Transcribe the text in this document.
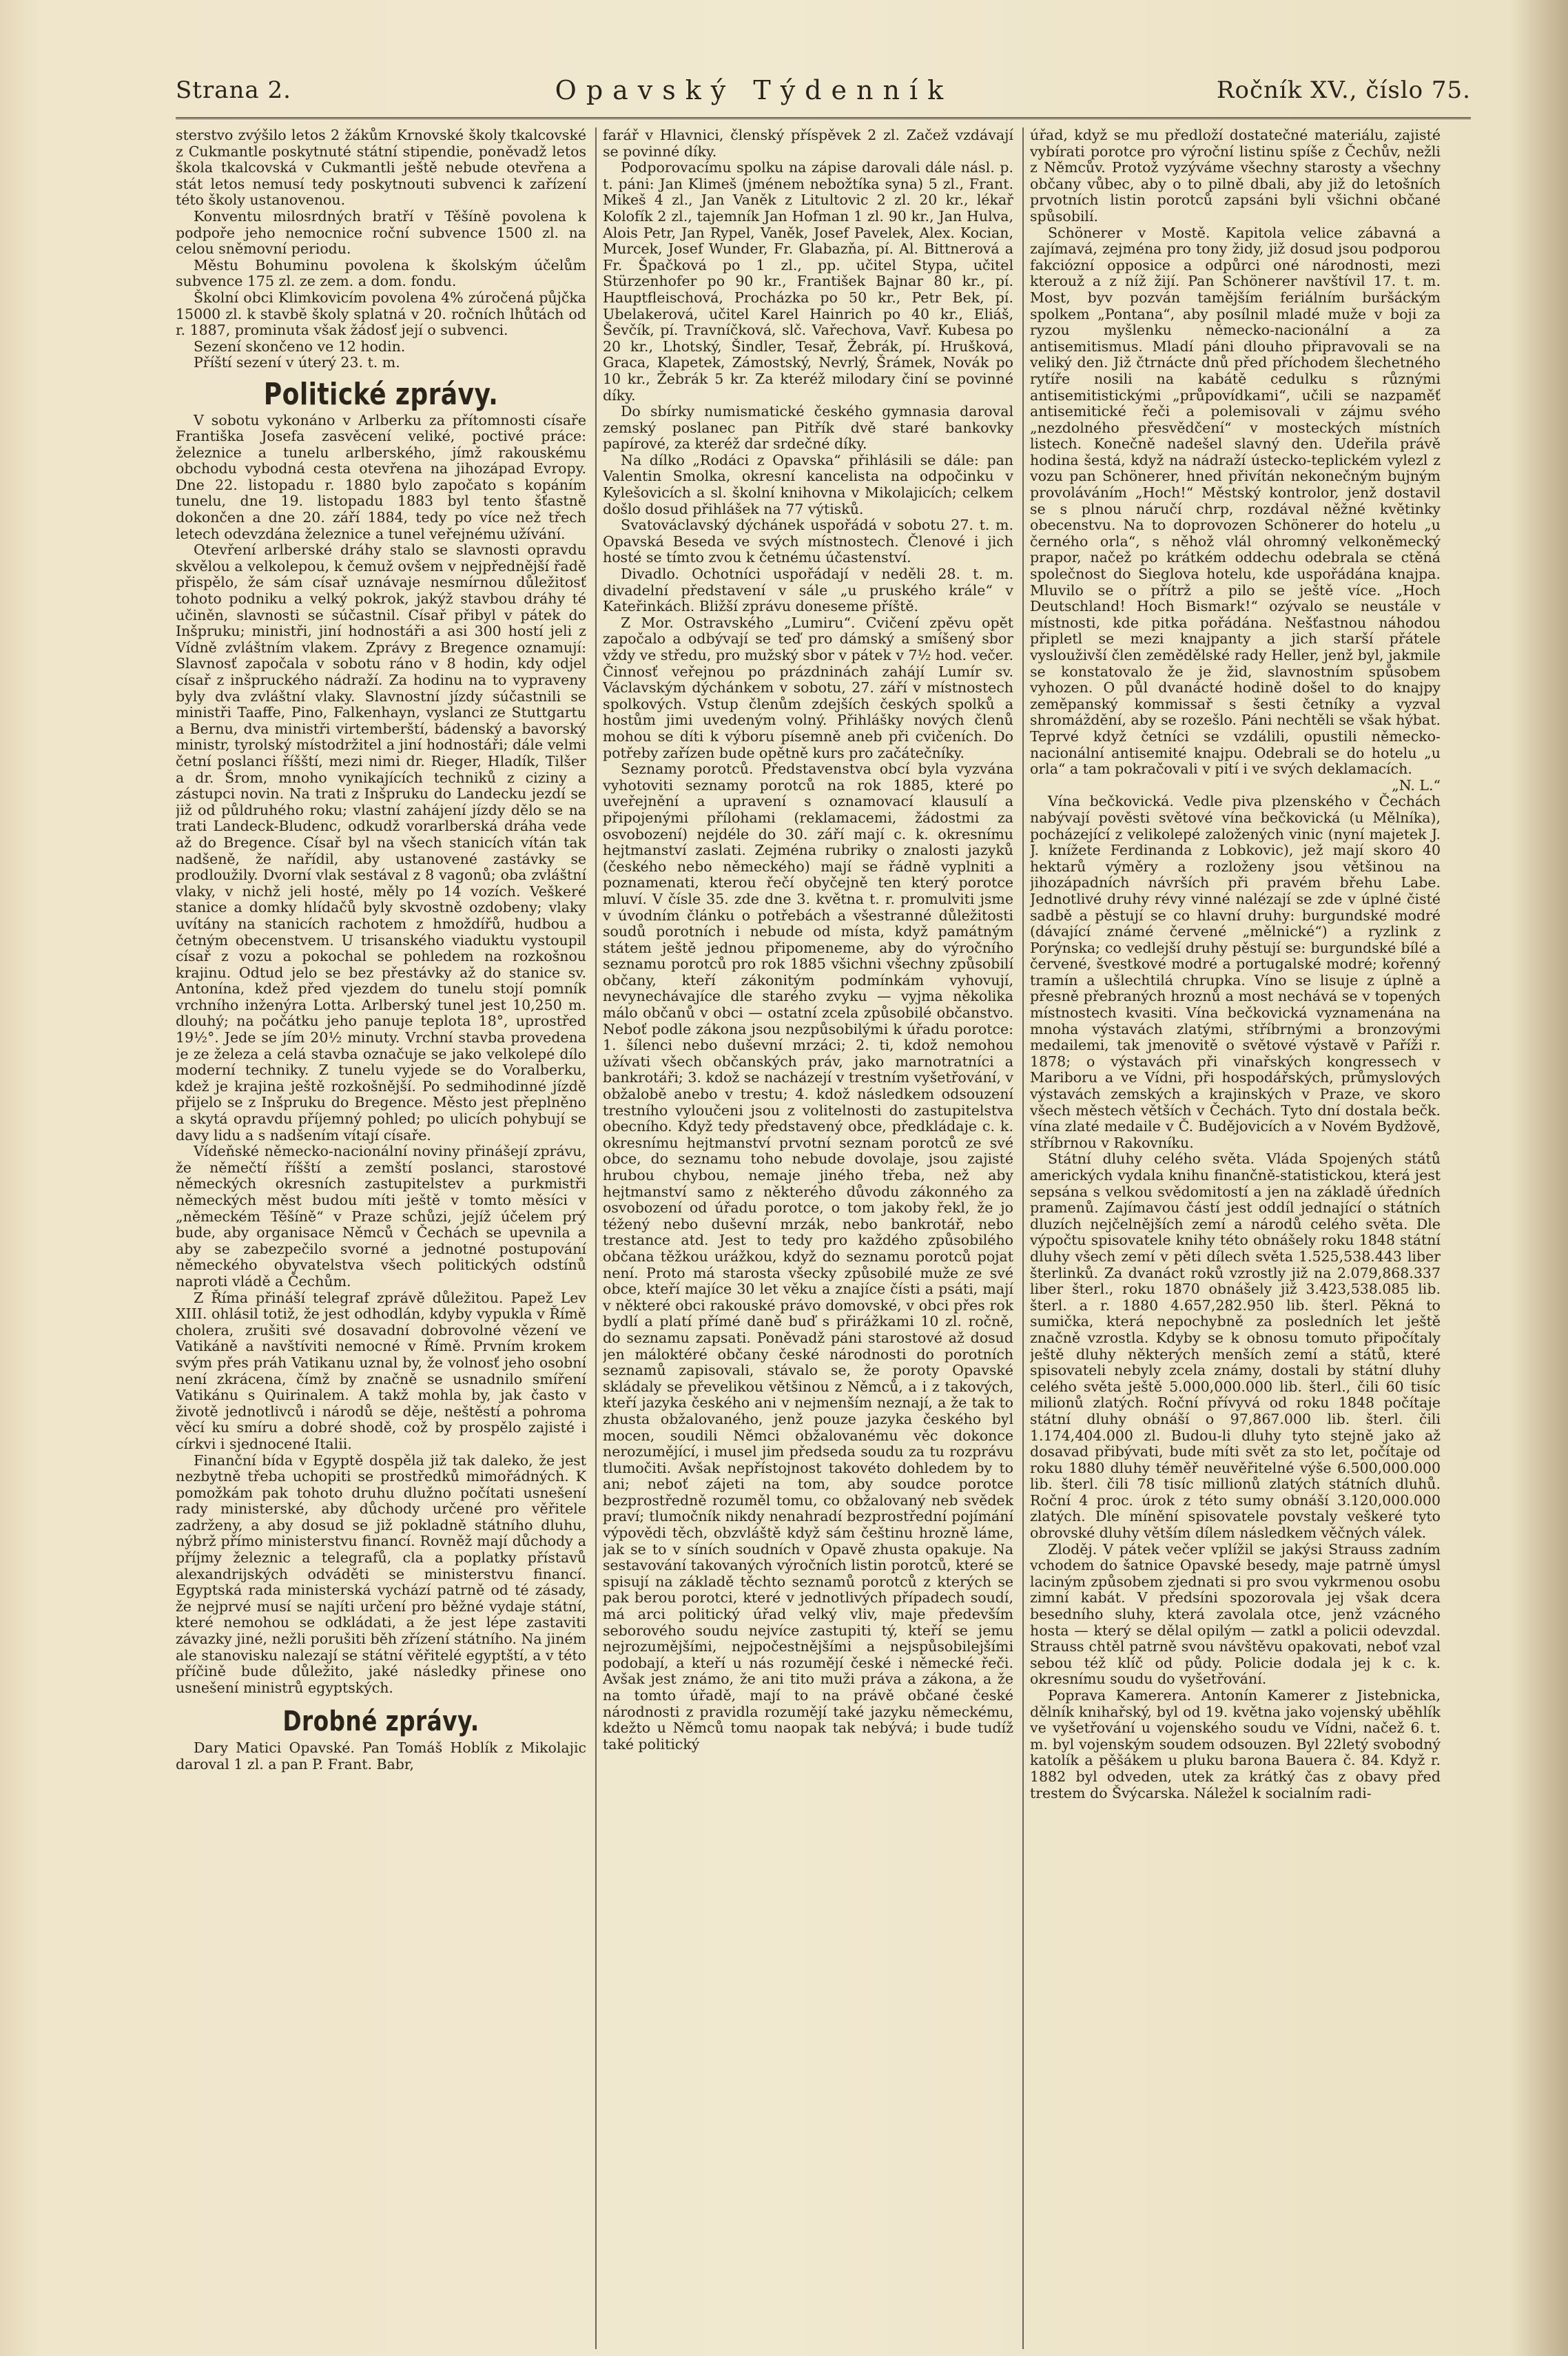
Strana 2.	Opavský Týdenník	Ročník XV., číslo 75.

sterstvo zvýšilo letos 2 žákům Krnovské školy tkalcovské z Cukmantle poskytnuté státní stipendie, poněvadž letos škola tkalcovská v Cukmantli ještě nebude otevřena a stát letos nemusí tedy poskytnouti subvenci k zařízení této školy ustanovenou.

Konventu milosrdných bratří v Těšíně povolena k podpoře jeho nemocnice roční subvence 1500 zl. na celou sněmovní periodu.

Městu Bohuminu povolena k školským účelům subvence 175 zl. ze zem. a dom. fondu.

Školní obci Klimkovicím povolena 4% zúročená půjčka 15000 zl. k stavbě školy splatná v 20. ročních lhůtách od r. 1887, prominuta však žádosť její o subvenci.

Sezení skončeno ve 12 hodin.

Příští sezení v úterý 23. t. m.

Politické zprávy.

V sobotu vykonáno v Arlberku za přítomnosti císaře Františka Josefa zasvěcení veliké, poctivé práce: železnice a tunelu arlberského, jímž rakouskému obchodu vybodná cesta otevřena na jihozápad Evropy. Dne 22. listopadu r. 1880 bylo započato s kopáním tunelu, dne 19. listopadu 1883 byl tento šťastně dokončen a dne 20. září 1884, tedy po více než třech letech odevzdána železnice a tunel veřejnému užívání.

Otevření arlberské dráhy stalo se slavnosti opravdu skvělou a velkolepou, k čemuž ovšem v nejpřednější řadě přispělo, že sám císař uznávaje nesmírnou důležitosť tohoto podniku a velký pokrok, jakýž stavbou dráhy té učiněn, slavnosti se súčastnil. Císař přibyl v pátek do Inšpruku; ministři, jiní hodnostáři a asi 300 hostí jeli z Vídně zvláštním vlakem. Zprávy z Bregence oznamují: Slavnosť započala v sobotu ráno v 8 hodin, kdy odjel císař z inšpruckého nádraží. Za hodinu na to vypraveny byly dva zvláštní vlaky. Slavnostní jízdy súčastnili se ministři Taaffe, Pino, Falkenhayn, vyslanci ze Stuttgartu a Bernu, dva ministři virtemberští, bádenský a bavorský ministr, tyrolský místodržitel a jiní hodnostáři; dále velmi četní poslanci říšští, mezi nimi dr. Rieger, Hladík, Tilšer a dr. Šrom, mnoho vynikajících techniků z ciziny a zástupci novin. Na trati z Inšpruku do Landecku jezdí se již od půldruhého roku; vlastní zahájení jízdy dělo se na trati Landeck-Bludenc, odkudž vorarlberská dráha vede až do Bregence. Císař byl na všech stanicích vítán tak nadšeně, že nařídil, aby ustanovené zastávky se prodloužily. Dvorní vlak sestával z 8 vagonů; oba zvláštní vlaky, v nichž jeli hosté, měly po 14 vozích. Veškeré stanice a domky hlídačů byly skvostně ozdobeny; vlaky uvítány na stanicích rachotem z hmoždířů, hudbou a četným obecenstvem. U trisanského viaduktu vystoupil císař z vozu a pokochal se pohledem na rozkošnou krajinu. Odtud jelo se bez přestávky až do stanice sv. Antonína, kdež před vjezdem do tunelu stojí pomník vrchního inženýra Lotta. Arlberský tunel jest 10,250 m. dlouhý; na počátku jeho panuje teplota 18°, uprostřed 19½°. Jede se jím 20½ minuty. Vrchní stavba provedena je ze železa a celá stavba označuje se jako velkolepé dílo moderní techniky. Z tunelu vyjede se do Voralberku, kdež je krajina ještě rozkošnější. Po sedmihodinné jízdě přijelo se z Inšpruku do Bregence. Město jest přeplněno a skytá opravdu příjemný pohled; po ulicích pohybují se davy lidu a s nadšením vítají císaře.

Vídeňské německo-nacionální noviny přinášejí zprávu, že němečtí říšští a zemští poslanci, starostové německých okresních zastupitelstev a purkmistři německých měst budou míti ještě v tomto měsíci v „německém Těšíně“ v Praze schůzi, jejíž účelem prý bude, aby organisace Němců v Čechách se upevnila a aby se zabezpečilo svorné a jednotné postupování německého obyvatelstva všech politických odstínů naproti vládě a Čechům.

Z Říma přináší telegraf zprávě důležitou. Papež Lev XIII. ohlásil totiž, že jest odhodlán, kdyby vypukla v Římě cholera, zrušiti své dosavadní dobrovolné vězení ve Vatikáně a navštíviti nemocné v Římě. Prvním krokem svým přes práh Vatikanu uznal by, že volnosť jeho osobní není zkrácena, čímž by značně se usnadnilo smíření Vatikánu s Quirinalem. A takž mohla by, jak často v životě jednotlivců i národů se děje, neštěstí a pohroma věcí ku smíru a dobré shodě, což by prospělo zajisté i církvi i sjednocené Italii.

Finanční bída v Egyptě dospěla již tak daleko, že jest nezbytně třeba uchopiti se prostředků mimořádných. K pomožkám pak tohoto druhu dlužno počítati usnešení rady ministerské, aby důchody určené pro věřitele zadrženy, a aby dosud se již pokladně státního dluhu, nýbrž přímo ministerstvu financí. Rovněž mají důchody a příjmy železnic a telegrafů, cla a poplatky přístavů alexandrijských odváděti se ministerstvu financí. Egyptská rada ministerská vychází patrně od té zásady, že nejprvé musí se najíti určení pro běžné vydaje státní, které nemohou se odkládati, a že jest lépe zastaviti závazky jiné, nežli porušiti běh zřízení státního. Na jiném ale stanovisku nalezají se státní věřitelé egyptští, a v této příčině bude důležito, jaké následky přinese ono usnešení ministrů egyptských.

Drobné zprávy.

Dary Matici Opavské. Pan Tomáš Hoblík z Mikolajic daroval 1 zl. a pan P. Frant. Babr,

farář v Hlavnici, členský příspěvek 2 zl. Začež vzdávají se povinné díky.

Podporovacímu spolku na zápise darovali dále násl. p. t. páni: Jan Klimeš (jménem nebožtíka syna) 5 zl., Frant. Mikeš 4 zl., Jan Vaněk z Litultovic 2 zl. 20 kr., lékař Kolofík 2 zl., tajemník Jan Hofman 1 zl. 90 kr., Jan Hulva, Alois Petr, Jan Rypel, Vaněk, Josef Pavelek, Alex. Kocian, Murcek, Josef Wunder, Fr. Glabazňa, pí. Al. Bittnerová a Fr. Špačková po 1 zl., pp. učitel Stypa, učitel Stürzenhofer po 90 kr., František Bajnar 80 kr., pí. Hauptfleischová, Procházka po 50 kr., Petr Bek, pí. Ubelakerová, učitel Karel Hainrich po 40 kr., Eliáš, Ševčík, pí. Travníčková, slč. Vařechova, Vavř. Kubesa po 20 kr., Lhotský, Šindler, Tesař, Žebrák, pí. Hrušková, Graca, Klapetek, Zámostský, Nevrlý, Šrámek, Novák po 10 kr., Žebrák 5 kr. Za kteréž milodary činí se povinné díky.

Do sbírky numismatické českého gymnasia daroval zemský poslanec pan Pitřík dvě staré bankovky papírové, za kteréž dar srdečné díky.

Na dílko „Rodáci z Opavska“ přihlásili se dále: pan Valentin Smolka, okresní kancelista na odpočinku v Kylešovicích a sl. školní knihovna v Mikolajicích; celkem došlo dosud přihlášek na 77 výtisků.

Svatováclavský dýchánek uspořádá v sobotu 27. t. m. Opavská Beseda ve svých místnostech. Členové i jich hosté se tímto zvou k četnému účastenství.

Divadlo. Ochotníci uspořádají v neděli 28. t. m. divadelní představení v sále „u pruského krále“ v Kateřinkách. Bližší zprávu doneseme příště.

Z Mor. Ostravského „Lumiru“. Cvičení zpěvu opět započalo a odbývají se teď pro dámský a smíšený sbor vždy ve středu, pro mužský sbor v pátek v 7½ hod. večer. Činnosť veřejnou po prázdninách zahájí Lumír sv. Václavským dýchánkem v sobotu, 27. září v místnostech spolkových. Vstup členům zdejších českých spolků a hostům jimi uvedeným volný. Přihlášky nových členů mohou se díti k výboru písemně aneb při cvičeních. Do potřeby zařízen bude opětně kurs pro začátečníky.

Seznamy porotců. Představenstva obcí byla vyzvána vyhotoviti seznamy porotců na rok 1885, které po uveřejnění a upravení s oznamovací klausulí a připojenými přílohami (reklamacemi, žádostmi za osvobození) nejdéle do 30. září mají c. k. okresnímu hejtmanství zaslati. Zejména rubriky o znalosti jazyků (českého nebo německého) mají se řádně vyplniti a poznamenati, kterou řečí obyčejně ten který porotce mluví. V čísle 35. zde dne 3. května t. r. promulviti jsme v úvodním článku o potřebách a všestranné důležitosti soudů porotních i nebude od místa, když památným státem ještě jednou připomeneme, aby do výročního seznamu porotců pro rok 1885 všichni všechny způsobilí občany, kteří zákonitým podmínkám vyhovují, nevynechávajíce dle starého zvyku — vyjma několika málo občanů v obci — ostatní zcela způsobilé občanstvo. Neboť podle zákona jsou nezpůsobilými k úřadu porotce: 1. šílenci nebo duševní mrzáci; 2. ti, kdož nemohou užívati všech občanských práv, jako marnotratníci a bankrotáři; 3. kdož se nacházejí v trestním vyšetřování, v obžalobě anebo v trestu; 4. kdož následkem odsouzení trestního vyloučeni jsou z volitelnosti do zastupitelstva obecního. Když tedy představený obce, předkládaje c. k. okresnímu hejtmanství prvotní seznam porotců ze své obce, do seznamu toho nebude dovolaje, jsou zajisté hrubou chybou, nemaje jiného třeba, než aby hejtmanství samo z některého důvodu zákonného za osvobození od úřadu porotce, o tom jakoby řekl, že jo téžený nebo duševní mrzák, nebo bankrotář, nebo trestance atd. Jest to tedy pro každého způsobilého občana těžkou urážkou, když do seznamu porotců pojat není. Proto má starosta všecky způsobilé muže ze své obce, kteří majíce 30 let věku a znajíce čísti a psáti, mají v některé obci rakouské právo domovské, v obci přes rok bydlí a platí přímé daně buď s přirážkami 10 zl. ročně, do seznamu zapsati. Poněvadž páni starostové až dosud jen máloktéré občany české národnosti do porotních seznamů zapisovali, stávalo se, že poroty Opavské skládaly se převelikou většinou z Němců, a i z takových, kteří jazyka českého ani v nejmenším neznají, a že tak to zhusta obžalovaného, jenž pouze jazyka českého byl mocen, soudili Němci obžalovanému věc dokonce nerozumějící, i musel jim předseda soudu za tu rozprávu tlumočiti. Avšak nepřístojnost takovéto dohledem by to ani; neboť zájeti na tom, aby soudce porotce bezprostředně rozuměl tomu, co obžalovaný neb svědek praví; tlumočník nikdy nenahradí bezprostřední pojímání výpovědi těch, obzvláště když sám češtinu hrozně láme, jak se to v síních soudních v Opavě zhusta opakuje. Na sestavování takovaných výročních listin porotců, které se spisují na základě těchto seznamů porotců z kterých se pak berou porotci, které v jednotlivých případech soudí, má arci politický úřad velký vliv, maje především seborového soudu nejvíce zastupiti tý, kteří se jemu nejrozumějšími, nejpočestnějšími a nejspůsobilejšími podobají, a kteří u nás rozumějí české i německé řeči. Avšak jest známo, že ani tito muži práva a zákona, a že na tomto úřadě, mají to na právě občané české národnosti z pravidla rozumějí také jazyku německému, kdežto u Němců tomu naopak tak nebývá; i bude tudíž také politický

úřad, když se mu předloží dostatečné materiálu, zajisté vybírati porotce pro výroční listinu spíše z Čechův, nežli z Němcův. Protož vyzýváme všechny starosty a všechny občany vůbec, aby o to pilně dbali, aby již do letošních prvotních listin porotců zapsáni byli všichni občané spůsobilí.

Schönerer v Mostě. Kapitola velice zábavná a zajímavá, zejména pro tony židy, již dosud jsou podporou fakciózní opposice a odpůrci oné národnosti, mezi kterouž a z níž žijí. Pan Schönerer navštívil 17. t. m. Most, byv pozván tamějším feriálním buršáckým spolkem „Pontana“, aby posílnil mladé muže v boji za ryzou myšlenku německo-nacionální a za antisemitismus. Mladí páni dlouho připravovali se na veliký den. Již čtrnácte dnů před příchodem šlechetného rytíře nosili na kabátě cedulku s různými antisemitistickými „průpovídkami“, učili se nazpaměť antisemitické řeči a polemisovali v zájmu svého „nezdolného přesvědčení“ v mosteckých místních listech. Konečně nadešel slavný den. Udeřila právě hodina šestá, když na nádraží ústecko-teplickém vylezl z vozu pan Schönerer, hned přivítán nekonečným bujným provoláváním „Hoch!“ Městský kontrolor, jenž dostavil se s plnou náručí chrp, rozdával něžné květinky obecenstvu. Na to doprovozen Schönerer do hotelu „u černého orla“, s něhož vlál ohromný velkoněmecký prapor, načež po krátkém oddechu odebrala se ctěná společnost do Sieglova hotelu, kde uspořádána knajpa. Mluvilo se o přítrž a pilo se ještě více. „Hoch Deutschland! Hoch Bismark!“ ozývalo se neustále v místnosti, kde pitka pořádána. Nešťastnou náhodou připletl se mezi knajpanty a jich starší přátele vyslouživší člen zemědělské rady Heller, jenž byl, jakmile se konstatovalo že je žid, slavnostním spůsobem vyhozen. O půl dvanácté hodině došel to do knajpy zeměpanský kommissař s šesti četníky a vyzval shromáždění, aby se rozešlo. Páni nechtěli se však hýbat. Teprvé když četníci se vzdálili, opustili německo-nacionální antisemité knajpu. Odebrali se do hotelu „u orla“ a tam pokračovali v pití i ve svých deklamacích.

„N. L.“

Vína bečkovická. Vedle piva plzenského v Čechách nabývají pověsti světové vína bečkovická (u Mělníka), pocházející z velikolepé založených vinic (nyní majetek J. J. knížete Ferdinanda z Lobkovic), jež mají skoro 40 hektarů výměry a rozloženy jsou většinou na jihozápadních návrších při pravém břehu Labe. Jednotlivé druhy révy vinné nalézají se zde v úplné čisté sadbě a pěstují se co hlavní druhy: burgundské modré (dávající známé červené „mělnické“) a ryzlink z Porýnska; co vedlejší druhy pěstují se: burgundské bílé a červené, švestkové modré a portugalské modré; kořenný tramín a ušlechtilá chrupka. Víno se lisuje z úplně a přesně přebraných hroznů a most nechává se v topených místnostech kvasiti. Vína bečkovická vyznamenána na mnoha výstavách zlatými, stříbrnými a bronzovými medailemi, tak jmenovitě o světové výstavě v Paříži r. 1878; o výstavách při vinařských kongressech v Mariboru a ve Vídni, při hospodářských, průmyslových výstavách zemských a krajinských v Praze, ve skoro všech městech větších v Čechách. Tyto dní dostala bečk. vína zlaté medaile v Č. Budějovicích a v Novém Bydžově, stříbrnou v Rakovníku.

Státní dluhy celého světa. Vláda Spojených států amerických vydala knihu finančně-statistickou, která jest sepsána s velkou svědomitostí a jen na základě úředních pramenů. Zajímavou částí jest oddíl jednající o státních dluzích nejčelnějších zemí a národů celého světa. Dle výpočtu spisovatele knihy této obnášely roku 1848 státní dluhy všech zemí v pěti dílech světa 1.525,538.443 liber šterlinků. Za dvanáct roků vzrostly již na 2.079,868.337 liber šterl., roku 1870 obnášely již 3.423,538.085 lib. šterl. a r. 1880 4.657,282.950 lib. šterl. Pěkná to sumička, která nepochybně za posledních let ještě značně vzrostla. Kdyby se k obnosu tomuto připočítaly ještě dluhy některých menších zemí a států, které spisovateli nebyly zcela známy, dostali by státní dluhy celého světa ještě 5.000,000.000 lib. šterl., čili 60 tisíc milionů zlatých. Roční přívyvá od roku 1848 počítaje státní dluhy obnáší o 97,867.000 lib. šterl. čili 1.174,404.000 zl. Budou-li dluhy tyto stejně jako až dosavad přibývati, bude míti svět za sto let, počítaje od roku 1880 dluhy téměř neuvěřitelné výše 6.500,000.000 lib. šterl. čili 78 tisíc millionů zlatých státních dluhů. Roční 4 proc. úrok z této sumy obnáší 3.120,000.000 zlatých. Dle mínění spisovatele povstaly veškeré tyto obrovské dluhy větším dílem následkem věčných válek.

Zloděj. V pátek večer vplížil se jakýsi Strauss zadním vchodem do šatnice Opavské besedy, maje patrně úmysl laciným způsobem zjednati si pro svou vykrmenou osobu zimní kabát. V předsíni spozorovala jej však dcera besedního sluhy, která zavolala otce, jenž vzácného hosta — který se dělal opilým — zatkl a policii odevzdal. Strauss chtěl patrně svou návštěvu opakovati, neboť vzal sebou též klíč od půdy. Policie dodala jej k c. k. okresnímu soudu do vyšetřování.

Poprava Kamerera. Antonín Kamerer z Jistebnicka, dělník knihařský, byl od 19. května jako vojenský uběhlík ve vyšetřování u vojenského soudu ve Vídni, načež 6. t. m. byl vojenským soudem odsouzen. Byl 22letý svobodný katolík a pěšákem u pluku barona Bauera č. 84. Když r. 1882 byl odveden, utek za krátký čas z obavy před trestem do Švýcarska. Náležel k socialním radi-
